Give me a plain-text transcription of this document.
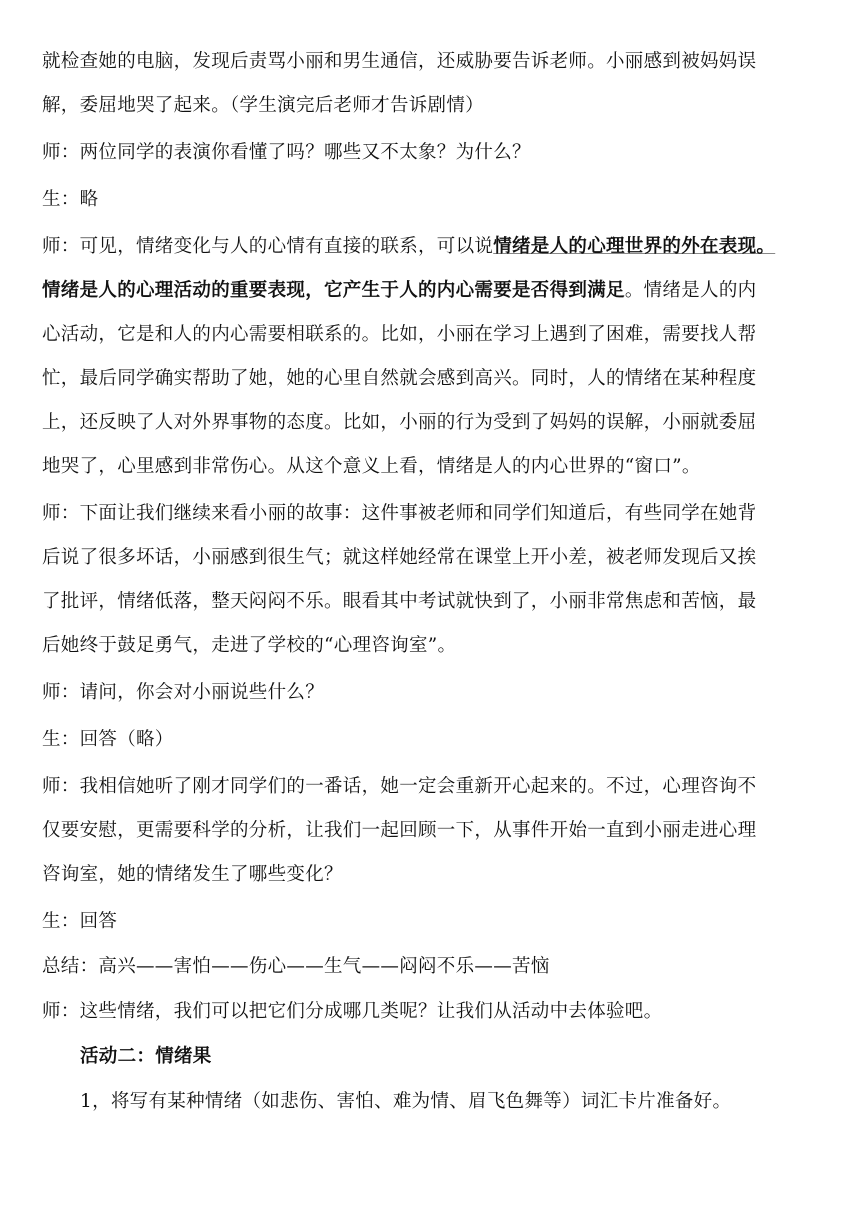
就检查她的电脑，发现后责骂小丽和男生通信，还威胁要告诉老师。小丽感到被妈妈误
解，委屈地哭了起来。（学生演完后老师才告诉剧情）
师：两位同学的表演你看懂了吗？哪些又不太象？为什么？
生：略
师：可见，情绪变化与人的心情有直接的联系，可以说情绪是人的心理世界的外在表现。
情绪是人的心理活动的重要表现，它产生于人的内心需要是否得到满足。情绪是人的内
心活动，它是和人的内心需要相联系的。比如，小丽在学习上遇到了困难，需要找人帮
忙，最后同学确实帮助了她，她的心里自然就会感到高兴。同时，人的情绪在某种程度
上，还反映了人对外界事物的态度。比如，小丽的行为受到了妈妈的误解，小丽就委屈
地哭了，心里感到非常伤心。从这个意义上看，情绪是人的内心世界的“窗口”。
师：下面让我们继续来看小丽的故事：这件事被老师和同学们知道后，有些同学在她背
后说了很多坏话，小丽感到很生气；就这样她经常在课堂上开小差，被老师发现后又挨
了批评，情绪低落，整天闷闷不乐。眼看其中考试就快到了，小丽非常焦虑和苦恼，最
后她终于鼓足勇气，走进了学校的“心理咨询室”。
师：请问，你会对小丽说些什么？
生：回答（略）
师：我相信她听了刚才同学们的一番话，她一定会重新开心起来的。不过，心理咨询不
仅要安慰，更需要科学的分析，让我们一起回顾一下，从事件开始一直到小丽走进心理
咨询室，她的情绪发生了哪些变化？
生：回答
总结：高兴——害怕——伤心——生气——闷闷不乐——苦恼
师：这些情绪，我们可以把它们分成哪几类呢？让我们从活动中去体验吧。
活动二：情绪果
1，将写有某种情绪（如悲伤、害怕、难为情、眉飞色舞等）词汇卡片准备好。
